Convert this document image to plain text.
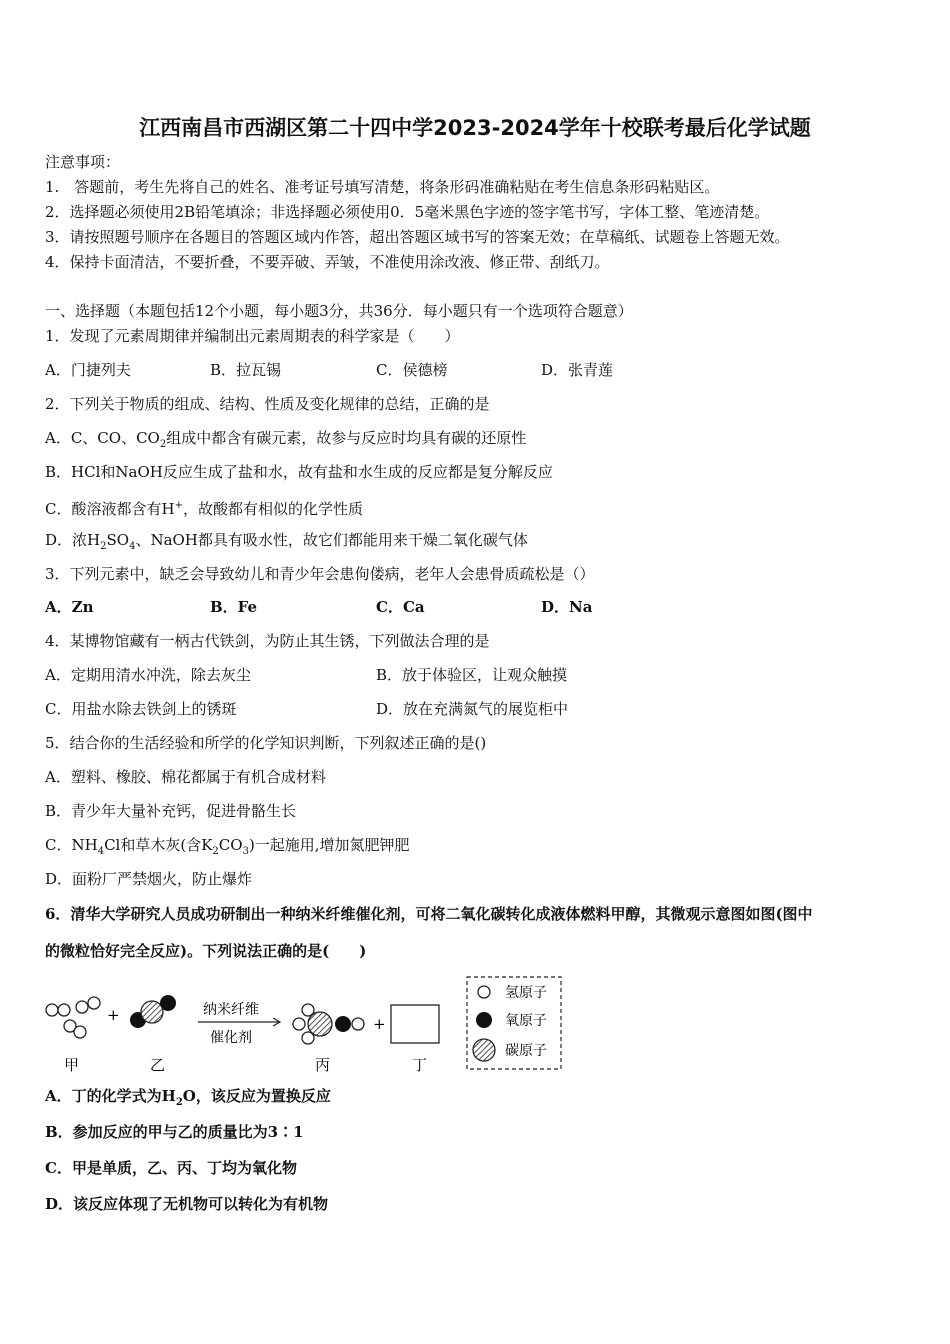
江西南昌市西湖区第二十四中学2023-2024学年十校联考最后化学试题
注意事项：
1.　答题前，考生先将自己的姓名、准考证号填写清楚，将条形码准确粘贴在考生信息条形码粘贴区。
2．选择题必须使用2B铅笔填涂；非选择题必须使用0．5毫米黑色字迹的签字笔书写，字体工整、笔迹清楚。
3．请按照题号顺序在各题目的答题区域内作答，超出答题区域书写的答案无效；在草稿纸、试题卷上答题无效。
4．保持卡面清洁，不要折叠，不要弄破、弄皱，不准使用涂改液、修正带、刮纸刀。
一、选择题（本题包括12个小题，每小题3分，共36分．每小题只有一个选项符合题意）
1．发现了元素周期律并编制出元素周期表的科学家是（　　）
A．门捷列夫	B．拉瓦锡	C．侯德榜	D．张青莲
2．下列关于物质的组成、结构、性质及变化规律的总结，正确的是
A．C、CO、$CO_2$组成中都含有碳元素，故参与反应时均具有碳的还原性
B．HCl和NaOH反应生成了盐和水，故有盐和水生成的反应都是复分解反应
C．酸溶液都含有H+，故酸都有相似的化学性质
D．浓$H_2SO_4$、NaOH都具有吸水性，故它们都能用来干燥二氧化碳气体
3．下列元素中，缺乏会导致幼儿和青少年会患佝偻病，老年人会患骨质疏松是（）
A．Zn	B．Fe	C．Ca	D．Na
4．某博物馆藏有一柄古代铁剑，为防止其生锈，下列做法合理的是
A．定期用清水冲洗，除去灰尘	B．放于体验区，让观众触摸
C．用盐水除去铁剑上的锈斑	D．放在充满氮气的展览柜中
5．结合你的生活经验和所学的化学知识判断，下列叙述正确的是()
A．塑料、橡胶、棉花都属于有机合成材料
B．青少年大量补充钙，促进骨骼生长
C．$NH_4Cl$和草木灰(含$K_2CO_3$)一起施用,增加氮肥钾肥
D．面粉厂严禁烟火，防止爆炸
6．清华大学研究人员成功研制出一种纳米纤维催化剂，可将二氧化碳转化成液体燃料甲醇，其微观示意图如图(图中
的微粒恰好完全反应)。下列说法正确的是(　　)
+	纳米纤维
催化剂
+
甲	乙	丙	丁
氢原子
氧原子
碳原子
A．丁的化学式为$H_2O$，该反应为置换反应
B．参加反应的甲与乙的质量比为3∶1
C．甲是单质，乙、丙、丁均为氧化物
D．该反应体现了无机物可以转化为有机物
